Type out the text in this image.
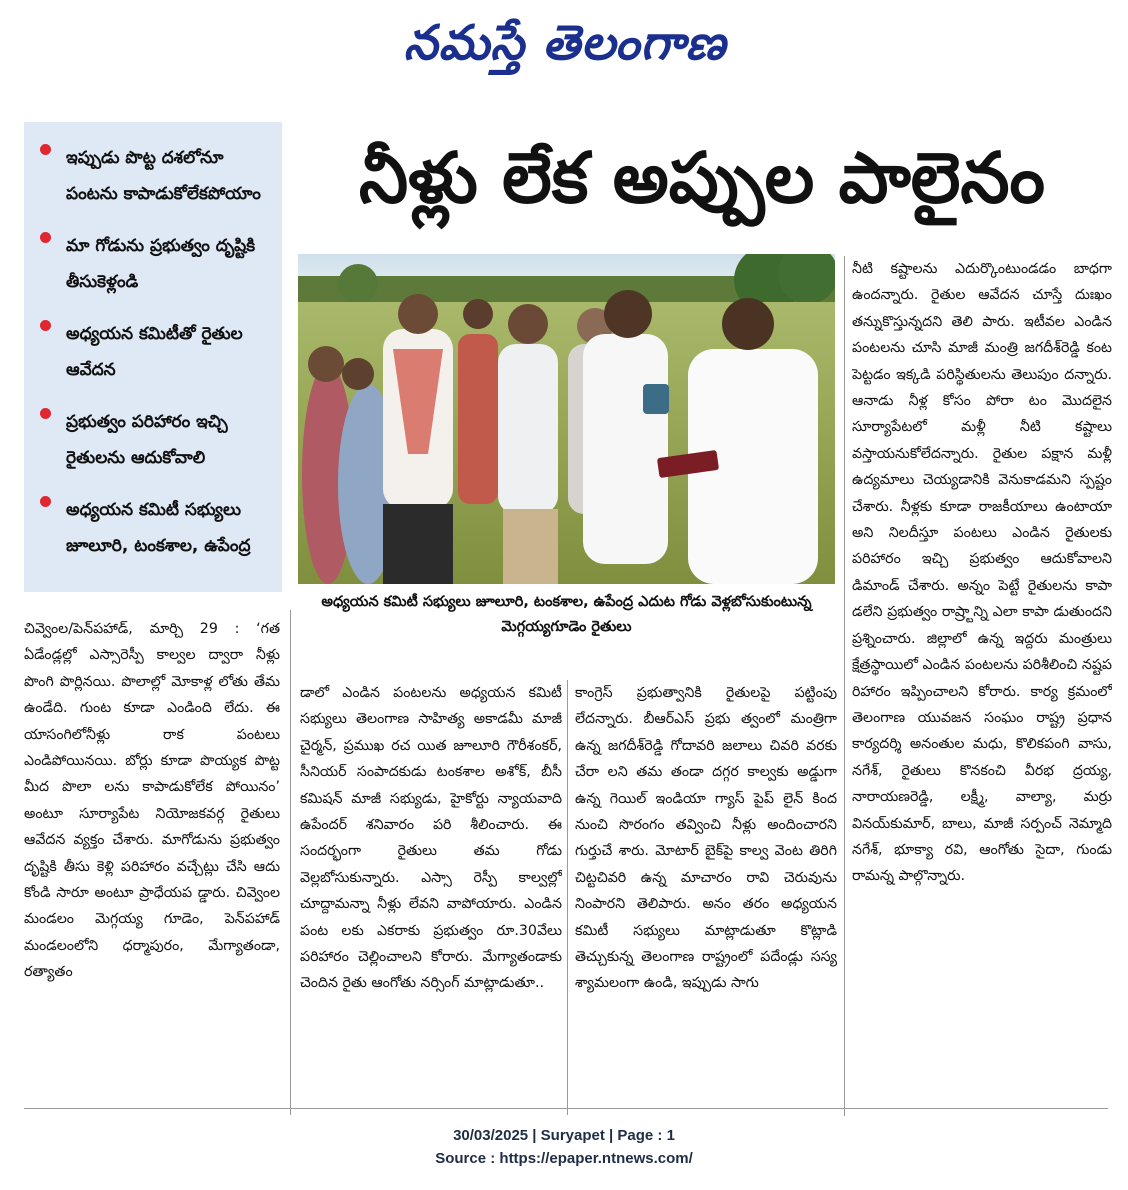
నమస్తే తెలంగాణ
ఇప్పుడు పొట్ట దశలోనూ పంటను కాపాడుకోలేకపోయాం
మా గోడును ప్రభుత్వం దృష్టికి తీసుకెళ్లండి
అధ్యయన కమిటీతో రైతుల ఆవేదన
ప్రభుత్వం పరిహారం ఇచ్చి రైతులను ఆదుకోవాలి
అధ్యయన కమిటీ సభ్యులు జూలూరి, టంకశాల, ఉపేంద్ర
నీళ్లు లేక అప్పుల పాలైనం
అధ్యయన కమిటీ సభ్యులు జూలూరి, టంకశాల, ఉపేంద్ర ఎదుట గోడు వెళ్లబోసుకుంటున్న మెగ్గయ్యగూడెం రైతులు
చివ్వెంల/పెన్‌పహాడ్, మార్చి 29 : ‘గత ఏడేండ్లల్లో ఎస్సారెస్పీ కాల్వల ద్వారా నీళ్లు పొంగి పొర్లినయి. పొలాల్లో మోకాళ్ల లోతు తేమ ఉండేది. గుంట కూడా ఎండింది లేదు. ఈ యాసంగిలోనీళ్లు రాక పంటలు ఎండిపోయినయి. బోర్లు కూడా పొయ్యక పొట్ట మీద పొలా లను కాపాడుకోలేక పోయినం’ అంటూ సూర్యాపేట నియోజకవర్గ రైతులు ఆవేదన వ్యక్తం చేశారు. మాగోడును ప్రభుత్వం దృష్టికి తీసు కెళ్లి పరిహారం వచ్చేట్లు చేసి ఆదు కోండి సారూ అంటూ ప్రాధేయప డ్డారు. చివ్వెంల మండలం మెగ్గయ్య గూడెం, పెన్‌పహాడ్ మండలంలోని ధర్మాపురం, మేగ్యాతండా, రత్యాతం
డాలో ఎండిన పంటలను అధ్యయన కమిటీ సభ్యులు తెలంగాణ సాహిత్య అకాడమీ మాజీ చైర్మన్, ప్రముఖ రచ యిత జూలూరి గౌరీశంకర్, సీనియర్ సంపాదకుడు టంకశాల అశోక్, బీసీ కమిషన్ మాజీ సభ్యుడు, హైకోర్టు న్యాయవాది ఉపేందర్ శనివారం పరి శీలించారు. ఈ సందర్భంగా రైతులు తమ గోడు వెల్లబోసుకున్నారు. ఎస్సా రెస్పీ కాల్వల్లో చూద్దామన్నా నీళ్లు లేవని వాపోయారు. ఎండిన పంట లకు ఎకరాకు ప్రభుత్వం రూ.30వేలు పరిహారం చెల్లించాలని కోరారు. మేగ్యాతండాకు చెందిన రైతు ఆంగోతు నర్సింగ్ మాట్లాడుతూ..
కాంగ్రెస్ ప్రభుత్వానికి రైతులపై పట్టింపు లేదన్నారు. బీఆర్‌ఎస్ ప్రభు త్వంలో మంత్రిగా ఉన్న జగదీశ్‌రెడ్డి గోదావరి జలాలు చివరి వరకు చేరా లని తమ తండా దగ్గర కాల్వకు అడ్డుగా ఉన్న గెయిల్ ఇండియా గ్యాస్ పైప్ లైన్ కింద నుంచి సొరంగం తవ్వించి నీళ్లు అందించారని గుర్తుచే శారు. మోటార్ బైక్‌పై కాల్వ వెంట తిరిగి చిట్టచివరి ఉన్న మాచారం రావి చెరువును నింపారని తెలిపారు. అనం తరం అధ్యయన కమిటీ సభ్యులు మాట్లాడుతూ కొట్లాడి తెచ్చుకున్న తెలంగాణ రాష్ట్రంలో పదేండ్లు సస్య శ్యామలంగా ఉండి, ఇప్పుడు సాగు
నీటి కష్టాలను ఎదుర్కొంటుండడం బాధగా ఉందన్నారు. రైతుల ఆవేదన చూస్తే దుఃఖం తన్నుకొస్తున్నదని తెలి పారు. ఇటీవల ఎండిన పంటలను చూసి మాజీ మంత్రి జగదీశ్‌రెడ్డి కంట పెట్టడం ఇక్కడి పరిస్థితులను తెలుపుం దన్నారు. ఆనాడు నీళ్ల కోసం పోరా టం మొదలైన సూర్యాపేటలో మళ్లీ నీటి కష్టాలు వస్తాయనుకోలేదన్నారు. రైతుల పక్షాన మళ్లీ ఉద్యమాలు చెయ్యడానికి వెనుకాడమని స్పష్టం చేశారు. నీళ్లకు కూడా రాజకీయాలు ఉంటాయా అని నిలదీస్తూ పంటలు ఎండిన రైతులకు పరిహారం ఇచ్చి ప్రభుత్వం ఆదుకోవాలని డిమాండ్ చేశారు. అన్నం పెట్టే రైతులను కాపా డలేని ప్రభుత్వం రాష్ర్టాన్ని ఎలా కాపా డుతుందని ప్రశ్నించారు. జిల్లాలో ఉన్న ఇద్దరు మంత్రులు క్షేత్రస్థాయిలో ఎండిన పంటలను పరిశీలించి నష్టప రిహారం ఇప్పించాలని కోరారు. కార్య క్రమంలో తెలంగాణ యువజన సంఘం రాష్ట్ర ప్రధాన కార్యదర్శి అనంతుల మధు, కొలికపంగి వాసు, నగేశ్, రైతులు కొనకంచి వీరభ ద్రయ్య, నారాయణరెడ్డి, లక్ష్మీ, వాల్యా, మర్రు వినయ్‌కుమార్, బాలు, మాజీ సర్పంచ్ నెమ్మాది నగేశ్, భూక్యా రవి, ఆంగోతు సైదా, గుండు రామన్న పాల్గొన్నారు.
30/03/2025 | Suryapet | Page : 1
Source : https://epaper.ntnews.com/
